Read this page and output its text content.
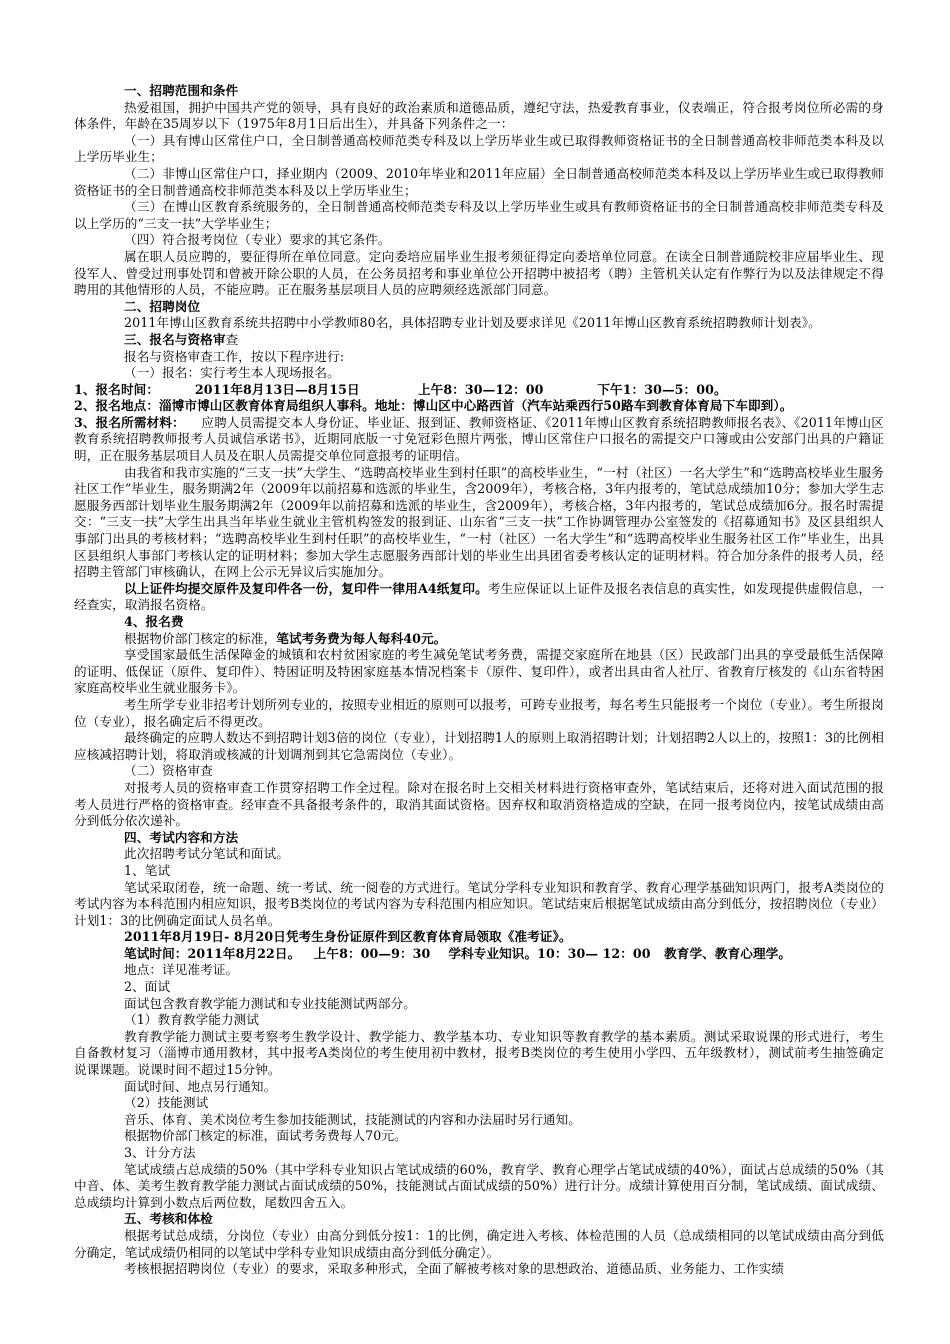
一、招聘范围和条件

热爱祖国，拥护中国共产党的领导，具有良好的政治素质和道德品质，遵纪守法，热爱教育事业，仪表端正，符合报考岗位所必需的身体条件，年龄在35周岁以下（1975年8月1日后出生），并具备下列条件之一：

（一）具有博山区常住户口，全日制普通高校师范类专科及以上学历毕业生或已取得教师资格证书的全日制普通高校非师范类本科及以上学历毕业生；

（二）非博山区常住户口，择业期内（2009、2010年毕业和2011年应届）全日制普通高校师范类本科及以上学历毕业生或已取得教师资格证书的全日制普通高校非师范类本科及以上学历毕业生；

（三）在博山区教育系统服务的，全日制普通高校师范类专科及以上学历毕业生或具有教师资格证书的全日制普通高校非师范类专科及以上学历的“三支一扶”大学毕业生；

（四）符合报考岗位（专业）要求的其它条件。

属在职人员应聘的，要征得所在单位同意。定向委培应届毕业生报考须征得定向委培单位同意。在读全日制普通院校非应届毕业生、现役军人、曾受过刑事处罚和曾被开除公职的人员，在公务员招考和事业单位公开招聘中被招考（聘）主管机关认定有作弊行为以及法律规定不得聘用的其他情形的人员，不能应聘。正在服务基层项目人员的应聘须经选派部门同意。

二、招聘岗位

2011年博山区教育系统共招聘中小学教师80名，具体招聘专业计划及要求详见《2011年博山区教育系统招聘教师计划表》。

三、报名与资格审查

报名与资格审查工作，按以下程序进行:

（一）报名：实行考生本人现场报名。

1、报名时间：        2011年8月13日—8月15日             上午8：30—12：00            下午1：30—5：00。

2、报名地点：淄博市博山区教育体育局组织人事科。地址：博山区中心路西首（汽车站乘西行50路车到教育体育局下车即到）。

3、报名所需材料：    应聘人员需提交本人身份证、毕业证、报到证、教师资格证、《2011年博山区教育系统招聘教师报名表》、《2011年博山区教育系统招聘教师报考人员诚信承诺书》，近期同底版一寸免冠彩色照片两张，博山区常住户口报名的需提交户口簿或由公安部门出具的户籍证明，正在服务基层项目人员及在职人员需提交单位同意报考的证明信。

由我省和我市实施的“三支一扶”大学生、“选聘高校毕业生到村任职”的高校毕业生，“一村（社区）一名大学生”和“选聘高校毕业生服务社区工作”毕业生，服务期满2年（2009年以前招募和选派的毕业生，含2009年），考核合格，3年内报考的，笔试总成绩加10分；参加大学生志愿服务西部计划毕业生服务期满2年（2009年以前招募和选派的毕业生，含2009年），考核合格，3年内报考的，笔试总成绩加6分。报名时需提交：“三支一扶”大学生出具当年毕业生就业主管机构签发的报到证、山东省“三支一扶”工作协调管理办公室签发的《招募通知书》及区县组织人事部门出具的考核材料；“选聘高校毕业生到村任职”的高校毕业生，“一村（社区）一名大学生”和“选聘高校毕业生服务社区工作”毕业生，出具区县组织人事部门考核认定的证明材料；参加大学生志愿服务西部计划的毕业生出具团省委考核认定的证明材料。符合加分条件的报考人员，经招聘主管部门审核确认，在网上公示无异议后实施加分。

以上证件均提交原件及复印件各一份，复印件一律用A4纸复印。考生应保证以上证件及报名表信息的真实性，如发现提供虚假信息，一经查实，取消报名资格。

4、报名费

根据物价部门核定的标准，笔试考务费为每人每科40元。

享受国家最低生活保障金的城镇和农村贫困家庭的考生减免笔试考务费，需提交家庭所在地县（区）民政部门出具的享受最低生活保障的证明、低保证（原件、复印件）、特困证明及特困家庭基本情况档案卡（原件、复印件），或者出具由省人社厅、省教育厅核发的《山东省特困家庭高校毕业生就业服务卡》。

考生所学专业非招考计划所列专业的，按照专业相近的原则可以报考，可跨专业报考，每名考生只能报考一个岗位（专业）。考生所报岗位（专业），报名确定后不得更改。

最终确定的应聘人数达不到招聘计划3倍的岗位（专业），计划招聘1人的原则上取消招聘计划；计划招聘2人以上的，按照1：3的比例相应核减招聘计划，将取消或核减的计划调剂到其它急需岗位（专业）。

（二）资格审查

对报考人员的资格审查工作贯穿招聘工作全过程。除对在报名时上交相关材料进行资格审查外，笔试结束后，还将对进入面试范围的报考人员进行严格的资格审查。经审查不具备报考条件的，取消其面试资格。因弃权和取消资格造成的空缺，在同一报考岗位内，按笔试成绩由高分到低分依次递补。

四、考试内容和方法

此次招聘考试分笔试和面试。

1、笔试

笔试采取闭卷，统一命题、统一考试、统一阅卷的方式进行。笔试分学科专业知识和教育学、教育心理学基础知识两门，报考A类岗位的考试内容为本科范围内相应知识，报考B类岗位的考试内容为专科范围内相应知识。笔试结束后根据笔试成绩由高分到低分，按招聘岗位（专业）计划1：3的比例确定面试人员名单。

2011年8月19日- 8月20日凭考生身份证原件到区教育体育局领取《准考证》。

笔试时间：2011年8月22日。   上午8：00—9：30    学科专业知识。10：30— 12：00   教育学、教育心理学。

地点：详见准考证。

2、面试

面试包含教育教学能力测试和专业技能测试两部分。

（1）教育教学能力测试

教育教学能力测试主要考察考生教学设计、教学能力、教学基本功、专业知识等教育教学的基本素质。测试采取说课的形式进行，考生自备教材复习（淄博市通用教材，其中报考A类岗位的考生使用初中教材，报考B类岗位的考生使用小学四、五年级教材），测试前考生抽签确定说课课题。说课时间不超过15分钟。

面试时间、地点另行通知。

（2）技能测试

音乐、体育、美术岗位考生参加技能测试，技能测试的内容和办法届时另行通知。

根据物价部门核定的标准，面试考务费每人70元。

3、计分方法

笔试成绩占总成绩的50%（其中学科专业知识占笔试成绩的60%，教育学、教育心理学占笔试成绩的40%），面试占总成绩的50%（其中音、体、美考生教育教学能力测试占面试成绩的50%，技能测试占面试成绩的50%）进行计分。成绩计算使用百分制，笔试成绩、面试成绩、总成绩均计算到小数点后两位数，尾数四舍五入。

五、考核和体检

根据考试总成绩，分岗位（专业）由高分到低分按1：1的比例，确定进入考核、体检范围的人员（总成绩相同的以笔试成绩由高分到低分确定，笔试成绩仍相同的以笔试中学科专业知识成绩由高分到低分确定）。

考核根据招聘岗位（专业）的要求，采取多种形式，全面了解被考核对象的思想政治、道德品质、业务能力、工作实绩
